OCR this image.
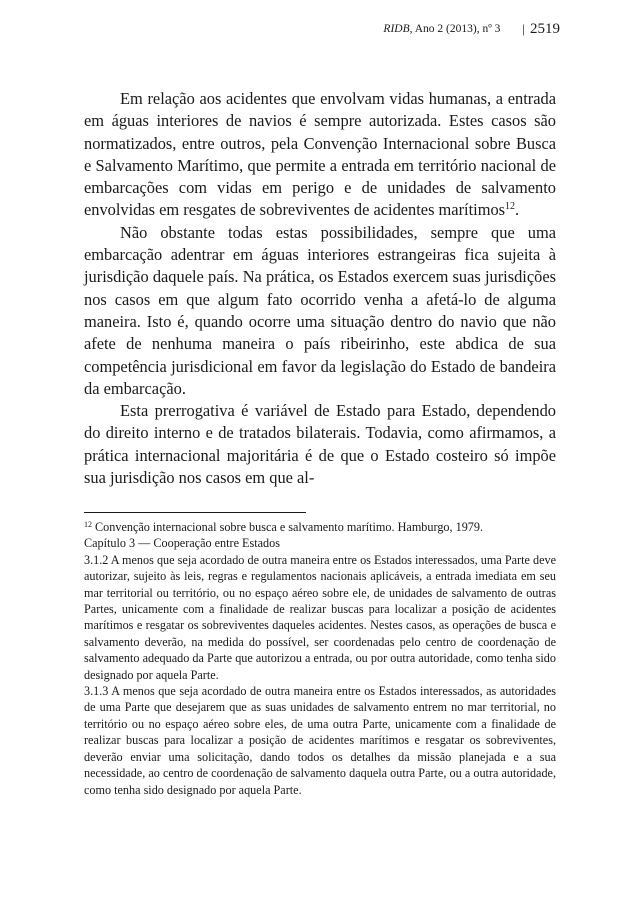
RIDB, Ano 2 (2013), nº 3 | 2519

Em relação aos acidentes que envolvam vidas humanas, a entrada em águas interiores de navios é sempre autorizada. Estes casos são normatizados, entre outros, pela Convenção Internacional sobre Busca e Salvamento Marítimo, que permite a entrada em território nacional de embarcações com vidas em perigo e de unidades de salvamento envolvidas em resgates de sobreviventes de acidentes marítimos$^{12}$.

Não obstante todas estas possibilidades, sempre que uma embarcação adentrar em águas interiores estrangeiras fica sujeita à jurisdição daquele país. Na prática, os Estados exercem suas jurisdições nos casos em que algum fato ocorrido venha a afetá-lo de alguma maneira. Isto é, quando ocorre uma situação dentro do navio que não afete de nenhuma maneira o país ribeirinho, este abdica de sua competência jurisdicional em favor da legislação do Estado de bandeira da embarcação.

Esta prerrogativa é variável de Estado para Estado, dependendo do direito interno e de tratados bilaterais. Todavia, como afirmamos, a prática internacional majoritária é de que o Estado costeiro só impõe sua jurisdição nos casos em que al-

$^{12}$ Convenção internacional sobre busca e salvamento marítimo. Hamburgo, 1979.

Capítulo 3 ― Cooperação entre Estados

3.1.2 A menos que seja acordado de outra maneira entre os Estados interessados, uma Parte deve autorizar, sujeito às leis, regras e regulamentos nacionais aplicáveis, a entrada imediata em seu mar territorial ou território, ou no espaço aéreo sobre ele, de unidades de salvamento de outras Partes, unicamente com a finalidade de realizar buscas para localizar a posição de acidentes marítimos e resgatar os sobreviventes daqueles acidentes. Nestes casos, as operações de busca e salvamento deverão, na medida do possível, ser coordenadas pelo centro de coordenação de salvamento adequado da Parte que autorizou a entrada, ou por outra autoridade, como tenha sido designado por aquela Parte.

3.1.3 A menos que seja acordado de outra maneira entre os Estados interessados, as autoridades de uma Parte que desejarem que as suas unidades de salvamento entrem no mar territorial, no território ou no espaço aéreo sobre eles, de uma outra Parte, unicamente com a finalidade de realizar buscas para localizar a posição de acidentes marítimos e resgatar os sobreviventes, deverão enviar uma solicitação, dando todos os detalhes da missão planejada e a sua necessidade, ao centro de coordenação de salvamento daquela outra Parte, ou a outra autoridade, como tenha sido designado por aquela Parte.
